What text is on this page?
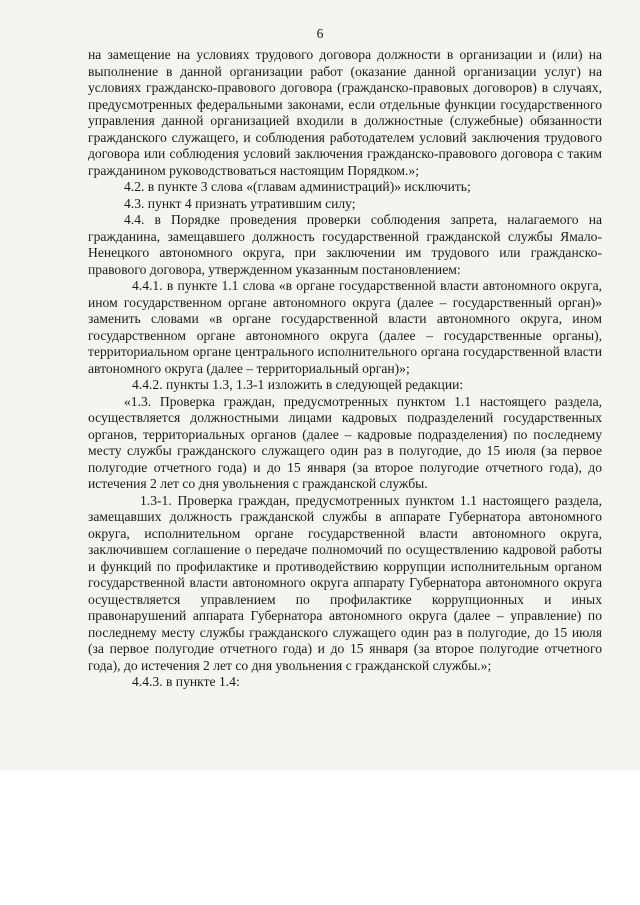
6

на замещение на условиях трудового договора должности в организации и (или) на выполнение в данной организации работ (оказание данной организации услуг) на условиях гражданско-правового договора (гражданско-правовых договоров) в случаях, предусмотренных федеральными законами, если отдельные функции государственного управления данной организацией входили в должностные (служебные) обязанности гражданского служащего, и соблюдения работодателем условий заключения трудового договора или соблюдения условий заключения гражданско-правового договора с таким гражданином руководствоваться настоящим Порядком.»;

4.2. в пункте 3 слова «(главам администраций)» исключить;

4.3. пункт 4 признать утратившим силу;

4.4. в Порядке проведения проверки соблюдения запрета, налагаемого на гражданина, замещавшего должность государственной гражданской службы Ямало-Ненецкого автономного округа, при заключении им трудового или гражданско-правового договора, утвержденном указанным постановлением:

4.4.1. в пункте 1.1 слова «в органе государственной власти автономного округа, ином государственном органе автономного округа (далее – государственный орган)» заменить словами «в органе государственной власти автономного округа, ином государственном органе автономного округа (далее – государственные органы), территориальном органе центрального исполнительного органа государственной власти автономного округа (далее – территориальный орган)»;

4.4.2. пункты 1.3, 1.3-1 изложить в следующей редакции:

«1.3. Проверка граждан, предусмотренных пунктом 1.1 настоящего раздела, осуществляется должностными лицами кадровых подразделений государственных органов, территориальных органов (далее – кадровые подразделения) по последнему месту службы гражданского служащего один раз в полугодие, до 15 июля (за первое полугодие отчетного года) и до 15 января (за второе полугодие отчетного года), до истечения 2 лет со дня увольнения с гражданской службы.

1.3-1. Проверка граждан, предусмотренных пунктом 1.1 настоящего раздела, замещавших должность гражданской службы в аппарате Губернатора автономного округа, исполнительном органе государственной власти автономного округа, заключившем соглашение о передаче полномочий по осуществлению кадровой работы и функций по профилактике и противодействию коррупции исполнительным органом государственной власти автономного округа аппарату Губернатора автономного округа осуществляется управлением по профилактике коррупционных и иных правонарушений аппарата Губернатора автономного округа (далее – управление) по последнему месту службы гражданского служащего один раз в полугодие, до 15 июля (за первое полугодие отчетного года) и до 15 января (за второе полугодие отчетного года), до истечения 2 лет со дня увольнения с гражданской службы.»;

4.4.3. в пункте 1.4:
